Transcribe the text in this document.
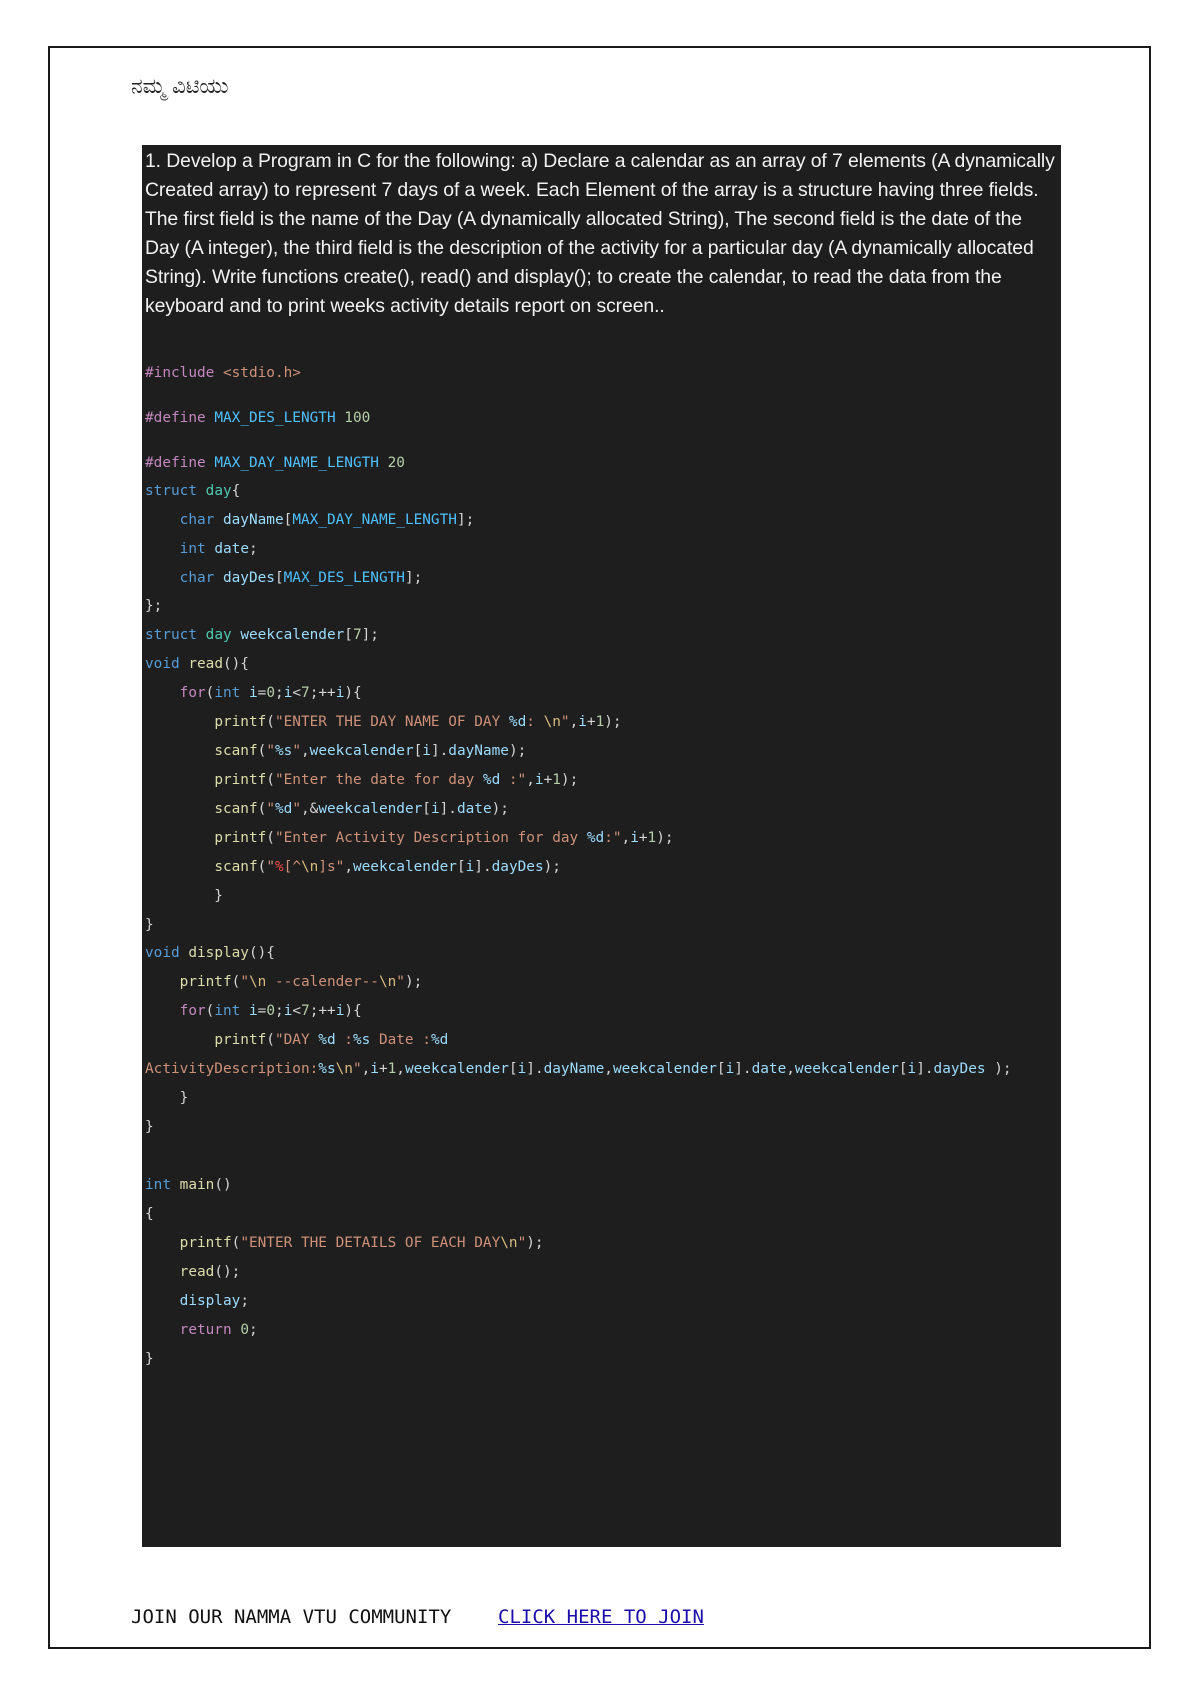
ನಮ್ಮ ವಿಟಿಯು

1. Develop a Program in C for the following: a) Declare a calendar as an array of 7 elements (A dynamically Created array) to represent 7 days of a week. Each Element of the array is a structure having three fields. The first field is the name of the Day (A dynamically allocated String), The second field is the date of the Day (A integer), the third field is the description of the activity for a particular day (A dynamically allocated String). Write functions create(), read() and display(); to create the calendar, to read the data from the keyboard and to print weeks activity details report on screen..

#include <stdio.h>
#define MAX_DES_LENGTH 100
#define MAX_DAY_NAME_LENGTH 20
struct day{
char dayName[MAX_DAY_NAME_LENGTH];
int date;
char dayDes[MAX_DES_LENGTH];
};
struct day weekcalender[7];
void read(){
for(int i=0;i<7;++i){
printf("ENTER THE DAY NAME OF DAY %d: \n",i+1);
scanf("%s",weekcalender[i].dayName);
printf("Enter the date for day %d :",i+1);
scanf("%d",&weekcalender[i].date);
printf("Enter Activity Description for day %d:",i+1);
scanf("%[^\n]s",weekcalender[i].dayDes);
}
}
void display(){
printf("\n --calender--\n");
for(int i=0;i<7;++i){
printf("DAY %d :%s Date :%d
ActivityDescription:%s\n",i+1,weekcalender[i].dayName,weekcalender[i].date,weekcalender[i].dayDes );
}
}
int main()
{
printf("ENTER THE DETAILS OF EACH DAY\n");
read();
display;
return 0;
}
JOIN OUR NAMMA VTU COMMUNITY CLICK HERE TO JOIN
